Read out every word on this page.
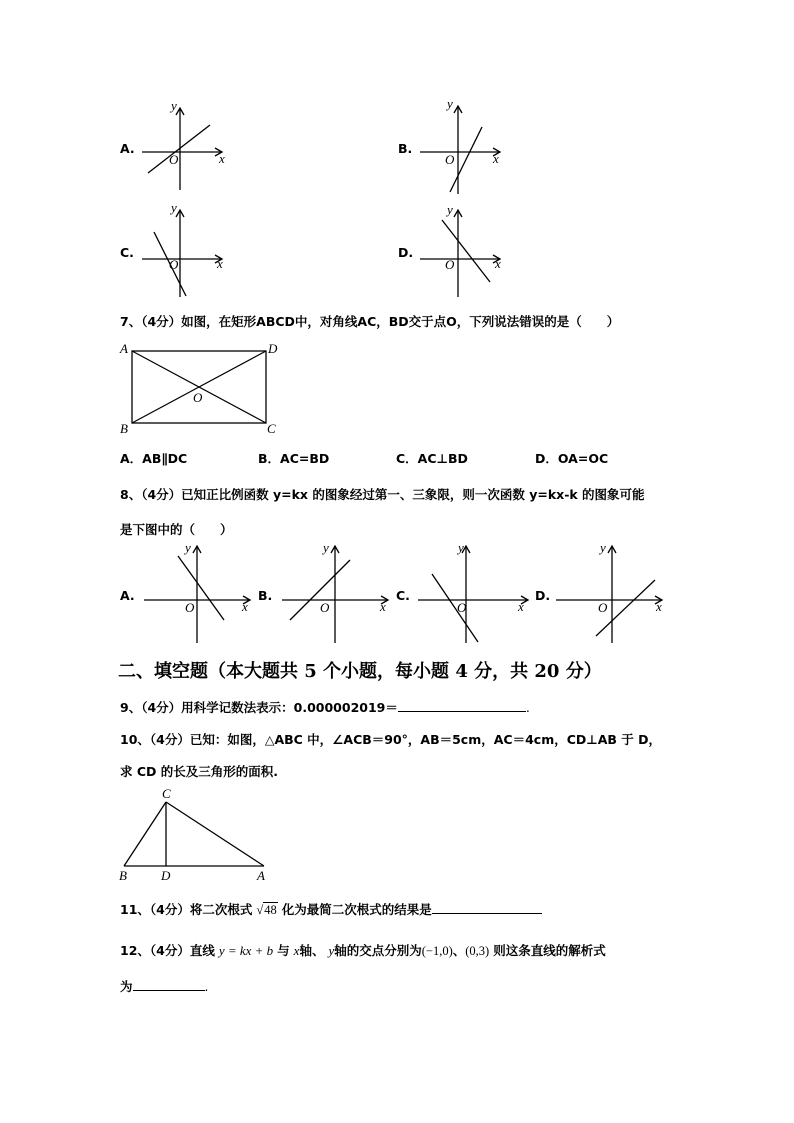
A.
y
x
O
B.
y
x
O
C.
y
x
O
D.
y
x
O
7、（4分）如图，在矩形ABCD中，对角线AC，BD交于点O，下列说法错误的是（　　）
A	D
B	C
O
A．AB∥DC	B．AC=BD	C．AC⊥BD	D．OA=OC
8、（4分）已知正比例函数 y=kx 的图象经过第一、三象限，则一次函数 y=kx-k 的图象可能
是下图中的（　　）
A.
y
x
O
B.
y
x
O
C.
y
x
O
D.
y
x
O
二、填空题（本大题共 5 个小题，每小题 4 分，共 20 分）
9、（4分）用科学记数法表示：0.000002019＝	.
10、（4分）已知：如图，△ABC 中，∠ACB＝90°，AB＝5cm，AC＝4cm，CD⊥AB 于 D，
求 CD 的长及三角形的面积.
C
B	D	A
11、（4分）将二次根式 √48 化为最简二次根式的结果是
12、（4分）直线 y = kx + b 与 x轴、 y轴的交点分别为(−1,0)、(0,3) 则这条直线的解析式
为	.
